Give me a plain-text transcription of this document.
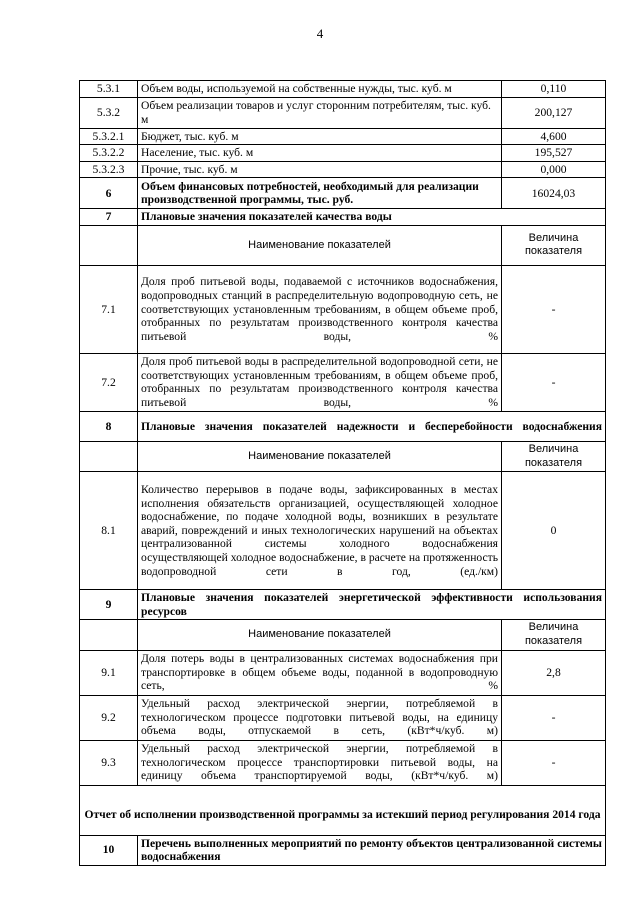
4
5.3.1	Объем воды, используемой на собственные нужды, тыс. куб. м	0,110
5.3.2	Объем реализации товаров и услуг сторонним потребителям, тыс. куб. м	200,127
5.3.2.1	Бюджет, тыс. куб. м	4,600
5.3.2.2	Население, тыс. куб. м	195,527
5.3.2.3	Прочие, тыс. куб. м	0,000
6	Объем финансовых потребностей, необходимый для реализации производственной программы, тыс. руб.	16024,03
7	Плановые значения показателей качества воды	
	Наименование показателей	Величина показателя
7.1	Доля проб питьевой воды, подаваемой с источников водоснабжения, водопроводных станций в распределительную водопроводную сеть, не соответствующих установленным требованиям, в общем объеме проб, отобранных по результатам производственного контроля качества питьевой воды, %	-
7.2	Доля проб питьевой воды в распределительной водопроводной сети, не соответствующих установленным требованиям, в общем объеме проб, отобранных по результатам производственного контроля качества питьевой воды, %	-
8	Плановые значения показателей надежности и бесперебойности водоснабжения	
	Наименование показателей	Величина показателя
8.1	Количество перерывов в подаче воды, зафиксированных в местах исполнения обязательств организацией, осуществляющей холодное водоснабжение, по подаче холодной воды, возникших в результате аварий, повреждений и иных технологических нарушений на объектах централизованной системы холодного водоснабжения осуществляющей холодное водоснабжение, в расчете на протяженность водопроводной сети в год, (ед./км)	0
9	Плановые значения показателей энергетической эффективности использования ресурсов	
	Наименование показателей	Величина показателя
9.1	Доля потерь воды в централизованных системах водоснабжения при транспортировке в общем объеме воды, поданной в водопроводную сеть, %	2,8
9.2	Удельный расход электрической энергии, потребляемой в технологическом процессе подготовки питьевой воды, на единицу объема воды, отпускаемой в сеть, (кВт*ч/куб. м)	-
9.3	Удельный расход электрической энергии, потребляемой в технологическом процессе транспортировки питьевой воды, на единицу объема транспортируемой воды, (кВт*ч/куб. м)	-
Отчет об исполнении производственной программы за истекший период регулирования 2014 года		
10	Перечень выполненных мероприятий по ремонту объектов централизованной системы водоснабжения	
